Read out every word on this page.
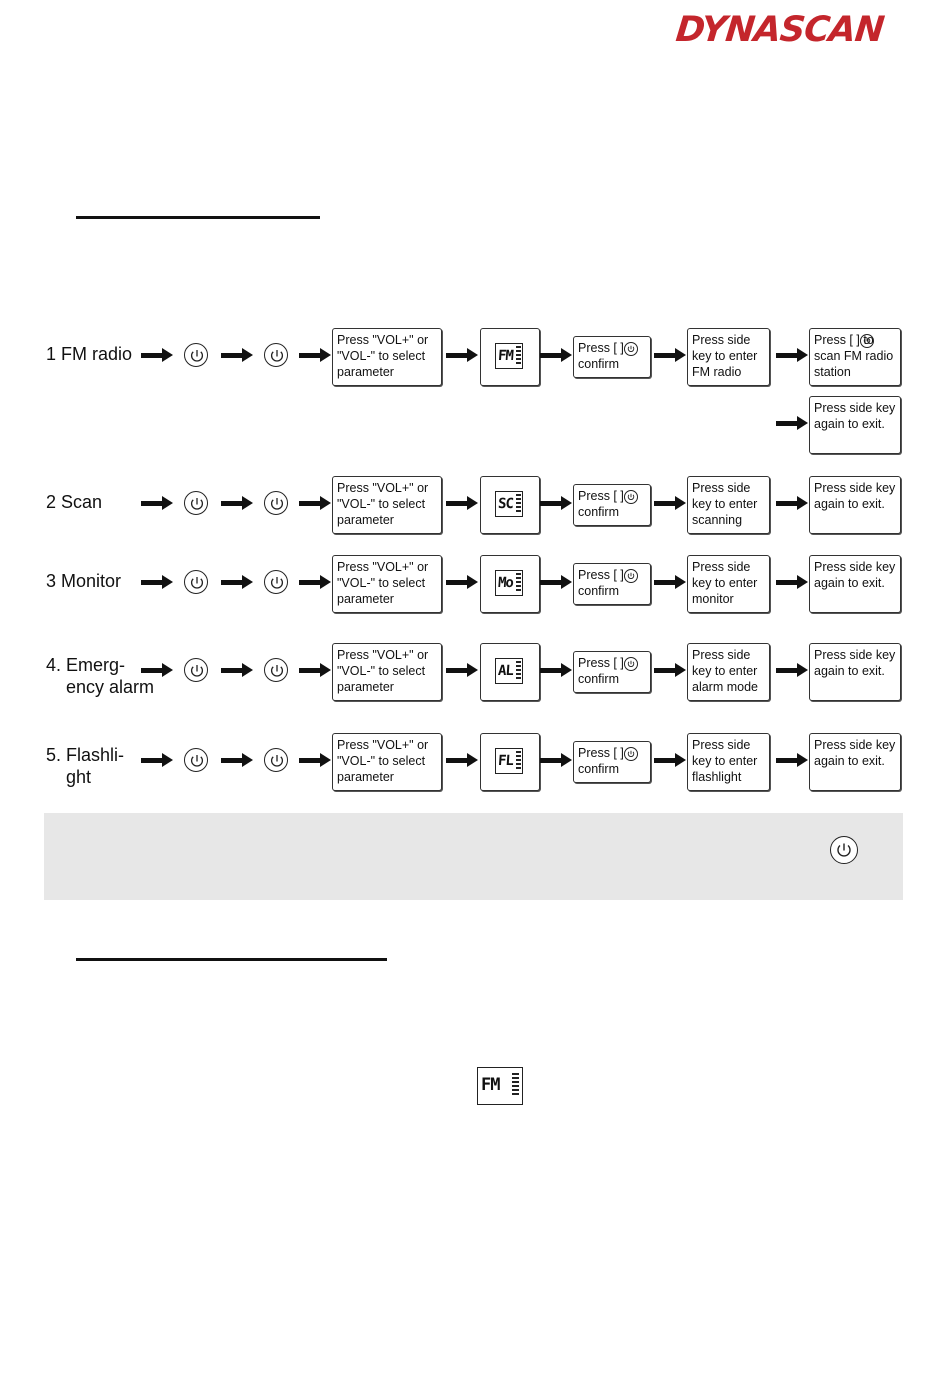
DYNASCAN
1 FM radio
Press "VOL+" or
"VOL-" to select
parameter
FM	Press [ ]
confirm
Press side
key to enter
FM radio
Press [ ] to
scan FM radio
station
Press side key
again to exit.
2 Scan
Press "VOL+" or
"VOL-" to select
parameter
SC	Press [ ]
confirm
Press side
key to enter
scanning
Press side key
again to exit.
3 Monitor
Press "VOL+" or
"VOL-" to select
parameter
Mo	Press [ ]
confirm
Press side
key to enter
monitor
Press side key
again to exit.
4. Emerg-
ency alarm
Press "VOL+" or
"VOL-" to select
parameter
AL	Press [ ]
confirm
Press side
key to enter
alarm mode
Press side key
again to exit.
5. Flashli-
ght
Press "VOL+" or
"VOL-" to select
parameter
FL	Press [ ]
confirm
Press side
key to enter
flashlight
Press side key
again to exit.
FM
